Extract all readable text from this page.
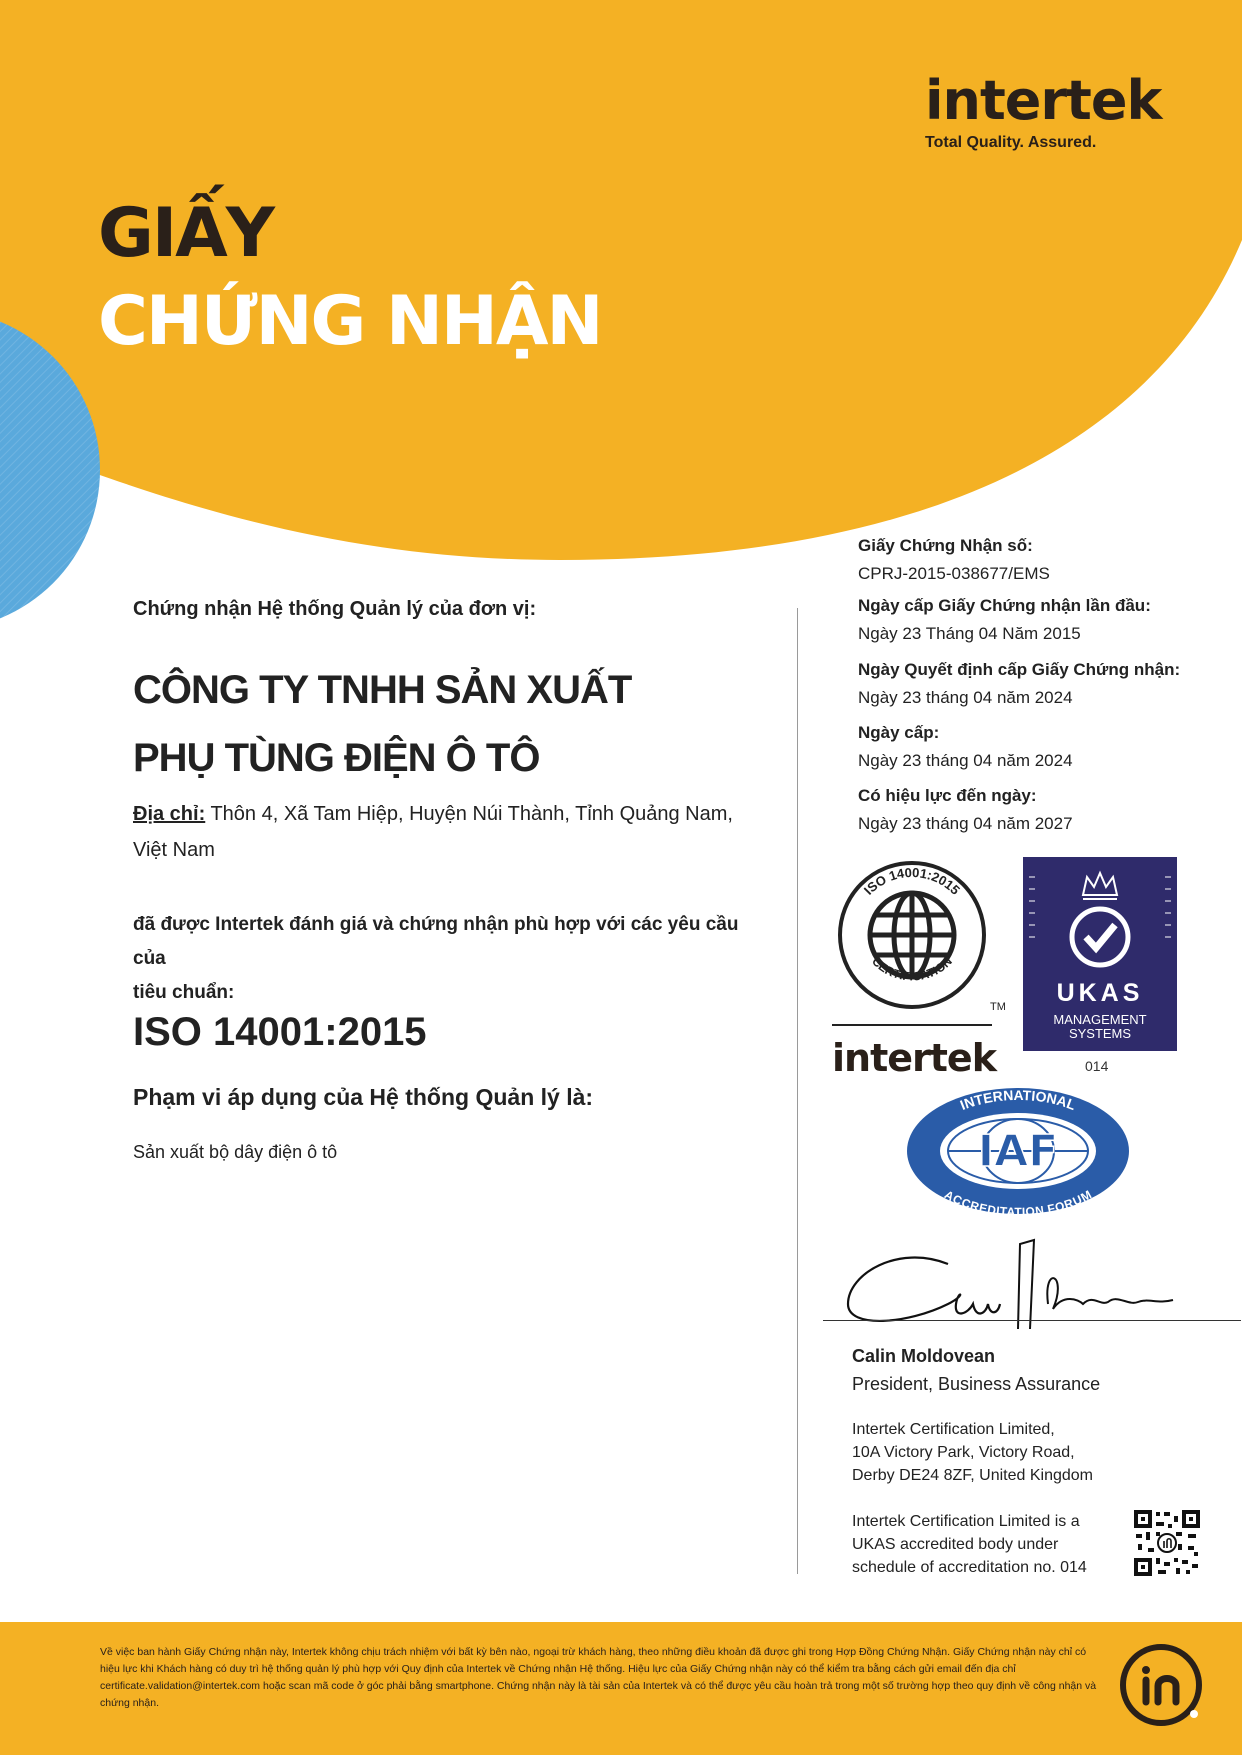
intertek
Total Quality. Assured.
GIẤY
CHỨNG NHẬN
Chứng nhận Hệ thống Quản lý của đơn vị:
CÔNG TY TNHH SẢN XUẤT
PHỤ TÙNG ĐIỆN Ô TÔ
Địa chỉ: Thôn 4, Xã Tam Hiệp, Huyện Núi Thành, Tỉnh Quảng Nam,
Việt Nam
đã được Intertek đánh giá và chứng nhận phù hợp với các yêu cầu của
tiêu chuẩn:
ISO 14001:2015
Phạm vi áp dụng của Hệ thống Quản lý là:
Sản xuất bộ dây điện ô tô
Giấy Chứng Nhận số:
CPRJ-2015-038677/EMS
Ngày cấp Giấy Chứng nhận lần đầu:
Ngày 23 Tháng 04 Năm 2015
Ngày Quyết định cấp Giấy Chứng nhận:
Ngày 23 tháng 04 năm 2024
Ngày cấp:
Ngày 23 tháng 04 năm 2024
Có hiệu lực đến ngày:
Ngày 23 tháng 04 năm 2027
ISO 14001:2015
CERTIFICATION
TM
intertek
UKAS
MANAGEMENT
SYSTEMS
014
IAF
INTERNATIONAL
ACCREDITATION FORUM
Calin Moldovean
President, Business Assurance
Intertek Certification Limited,
10A Victory Park, Victory Road,
Derby DE24 8ZF, United Kingdom
Intertek Certification Limited is a UKAS accredited body under schedule of accreditation no. 014
Về việc ban hành Giấy Chứng nhận này, Intertek không chịu trách nhiệm với bất kỳ bên nào, ngoại trừ khách hàng, theo những điều khoản đã được ghi trong Hợp Đồng Chứng Nhận. Giấy Chứng nhận này chỉ có hiệu lực khi Khách hàng có duy trì hệ thống quản lý phù hợp với Quy định của Intertek về Chứng nhận Hệ thống. Hiệu lực của Giấy Chứng nhận này có thể kiểm tra bằng cách gửi email đến địa chỉ certificate.validation@intertek.com hoặc scan mã code ở góc phải bằng smartphone. Chứng nhận này là tài sản của Intertek và có thể được yêu cầu hoàn trả trong một số trường hợp theo quy định về công nhận và chứng nhận.
